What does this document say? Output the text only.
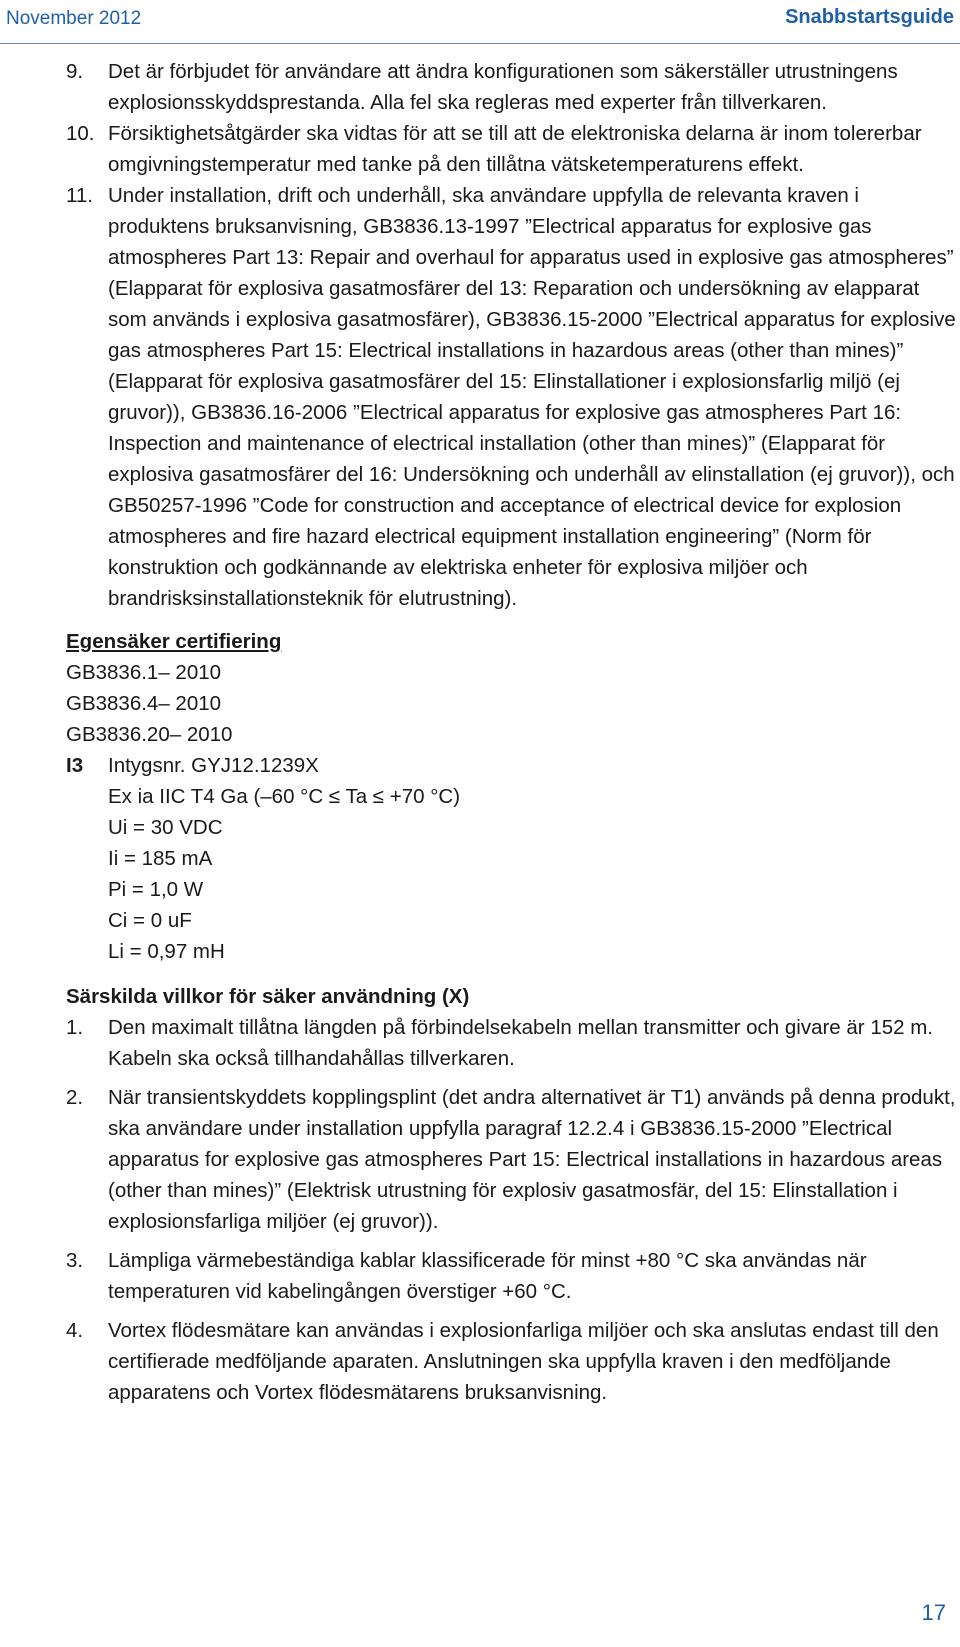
November 2012	Snabbstartsguide
9. Det är förbjudet för användare att ändra konfigurationen som säkerställer utrustningens explosionsskyddsprestanda. Alla fel ska regleras med experter från tillverkaren.
10. Försiktighetsåtgärder ska vidtas för att se till att de elektroniska delarna är inom tolererbar omgivningstemperatur med tanke på den tillåtna vätsketemperaturens effekt.
11. Under installation, drift och underhåll, ska användare uppfylla de relevanta kraven i produktens bruksanvisning, GB3836.13-1997 ”Electrical apparatus for explosive gas atmospheres Part 13: Repair and overhaul for apparatus used in explosive gas atmospheres” (Elapparat för explosiva gasatmosfärer del 13: Reparation och undersökning av elapparat som används i explosiva gasatmosfärer), GB3836.15-2000 ”Electrical apparatus for explosive gas atmospheres Part 15: Electrical installations in hazardous areas (other than mines)” (Elapparat för explosiva gasatmosfärer del 15: Elinstallationer i explosionsfarlig miljö (ej gruvor)), GB3836.16-2006 ”Electrical apparatus for explosive gas atmospheres Part 16: Inspection and maintenance of electrical installation (other than mines)” (Elapparat för explosiva gasatmosfärer del 16: Undersökning och underhåll av elinstallation (ej gruvor)), och GB50257-1996 ”Code for construction and acceptance of electrical device for explosion atmospheres and fire hazard electrical equipment installation engineering” (Norm för konstruktion och godkännande av elektriska enheter för explosiva miljöer och brandrisksinstallationsteknik för elutrustning).
Egensäker certifiering
GB3836.1– 2010
GB3836.4– 2010
GB3836.20– 2010
I3 Intygsnr. GYJ12.1239X
Ex ia IIC T4 Ga (–60 °C ≤ Ta ≤ +70 °C)
Ui = 30 VDC
Ii = 185 mA
Pi = 1,0 W
Ci = 0 uF
Li = 0,97 mH
Särskilda villkor för säker användning (X)
1. Den maximalt tillåtna längden på förbindelsekabeln mellan transmitter och givare är 152 m. Kabeln ska också tillhandahållas tillverkaren.
2. När transientskyddets kopplingsplint (det andra alternativet är T1) används på denna produkt, ska användare under installation uppfylla paragraf 12.2.4 i GB3836.15-2000 ”Electrical apparatus for explosive gas atmospheres Part 15: Electrical installations in hazardous areas (other than mines)” (Elektrisk utrustning för explosiv gasatmosfär, del 15: Elinstallation i explosionsfarliga miljöer (ej gruvor)).
3. Lämpliga värmebeständiga kablar klassificerade för minst +80 °C ska användas när temperaturen vid kabelingången överstiger +60 °C.
4. Vortex flödesmätare kan användas i explosionfarliga miljöer och ska anslutas endast till den certifierade medföljande aparaten. Anslutningen ska uppfylla kraven i den medföljande apparatens och Vortex flödesmätarens bruksanvisning.
17
